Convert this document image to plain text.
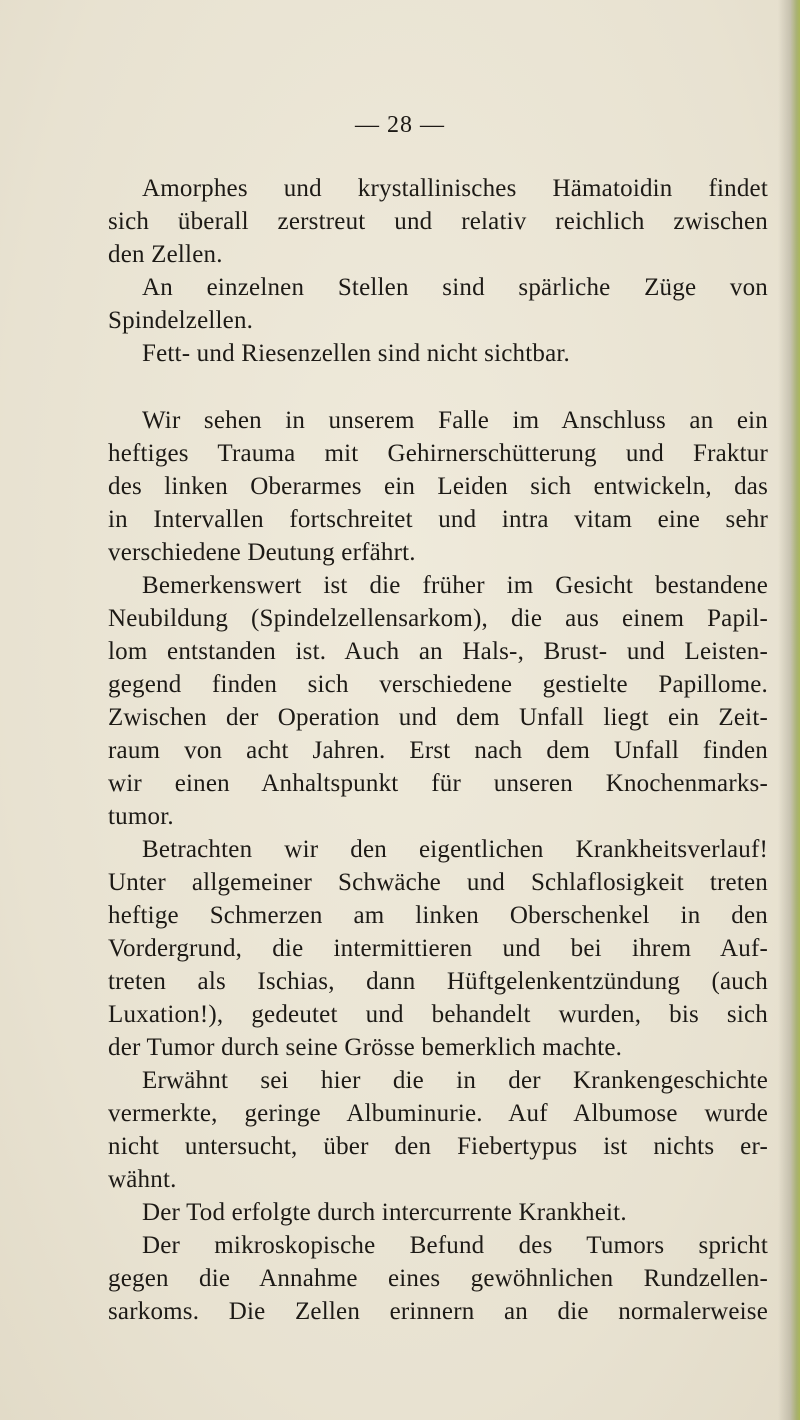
— 28 —
Amorphes und krystallinisches Hämatoidin findet
sich überall zerstreut und relativ reichlich zwischen
den Zellen.
An einzelnen Stellen sind spärliche Züge von
Spindelzellen.
Fett- und Riesenzellen sind nicht sichtbar.
Wir sehen in unserem Falle im Anschluss an ein
heftiges Trauma mit Gehirnerschütterung und Fraktur
des linken Oberarmes ein Leiden sich entwickeln, das
in Intervallen fortschreitet und intra vitam eine sehr
verschiedene Deutung erfährt.
Bemerkenswert ist die früher im Gesicht bestandene
Neubildung (Spindelzellensarkom), die aus einem Papil-
lom entstanden ist. Auch an Hals-, Brust- und Leisten-
gegend finden sich verschiedene gestielte Papillome.
Zwischen der Operation und dem Unfall liegt ein Zeit-
raum von acht Jahren. Erst nach dem Unfall finden
wir einen Anhaltspunkt für unseren Knochenmarks-
tumor.
Betrachten wir den eigentlichen Krankheitsverlauf!
Unter allgemeiner Schwäche und Schlaflosigkeit treten
heftige Schmerzen am linken Oberschenkel in den
Vordergrund, die intermittieren und bei ihrem Auf-
treten als Ischias, dann Hüftgelenkentzündung (auch
Luxation!), gedeutet und behandelt wurden, bis sich
der Tumor durch seine Grösse bemerklich machte.
Erwähnt sei hier die in der Krankengeschichte
vermerkte, geringe Albuminurie. Auf Albumose wurde
nicht untersucht, über den Fiebertypus ist nichts er-
wähnt.
Der Tod erfolgte durch intercurrente Krankheit.
Der mikroskopische Befund des Tumors spricht
gegen die Annahme eines gewöhnlichen Rundzellen-
sarkoms. Die Zellen erinnern an die normalerweise
